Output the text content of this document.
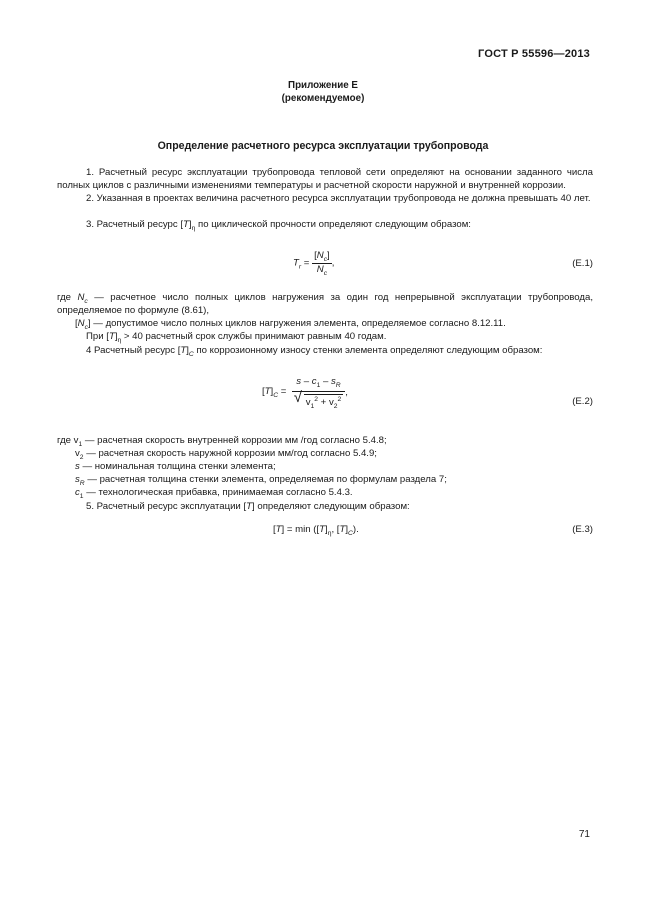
ГОСТ Р 55596—2013
Приложение Е
(рекомендуемое)
Определение расчетного ресурса эксплуатации трубопровода
1. Расчетный ресурс эксплуатации трубопровода тепловой сети определяют на основании заданного числа полных циклов с различными изменениями температуры и расчетной скорости наружной и внутренней коррозии.
2. Указанная в проектах величина расчетного ресурса эксплуатации трубопровода не должна превышать 40 лет.
3. Расчетный ресурс $[T]_\eta$ по циклической прочности определяют следующим образом:
$T_r = \frac{[N_c]}{N_c}$ ,	(E.1)
где $N_c$ — расчетное число полных циклов нагружения за один год непрерывной эксплуатации трубопровода, определяемое по формуле (8.61),
$[N_c]$ — допустимое число полных циклов нагружения элемента, определяемое согласно 8.12.11.
При $[T]_\eta > 40$ расчетный срок службы принимают равным 40 годам.
4 Расчетный ресурс $[T]_C$ по коррозионному износу стенки элемента определяют следующим образом:
$[T]_C = \frac{s - c_1 - s_R}{√ v_1^2 + v_2^2}$ ,
(E.2)
где $v_1$ — расчетная скорость внутренней коррозии мм /год согласно 5.4.8;
$v_2$ — расчетная скорость наружной коррозии мм/год согласно 5.4.9;
s — номинальная толщина стенки элемента;
$s_R$ — расчетная толщина стенки элемента, определяемая по формулам раздела 7;
$c_1$ — технологическая прибавка, принимаемая согласно 5.4.3.
5. Расчетный ресурс эксплуатации [T] определяют следующим образом:
$[T] = \min ([T]_\eta$, $[T]_C$).	(E.3)
71
